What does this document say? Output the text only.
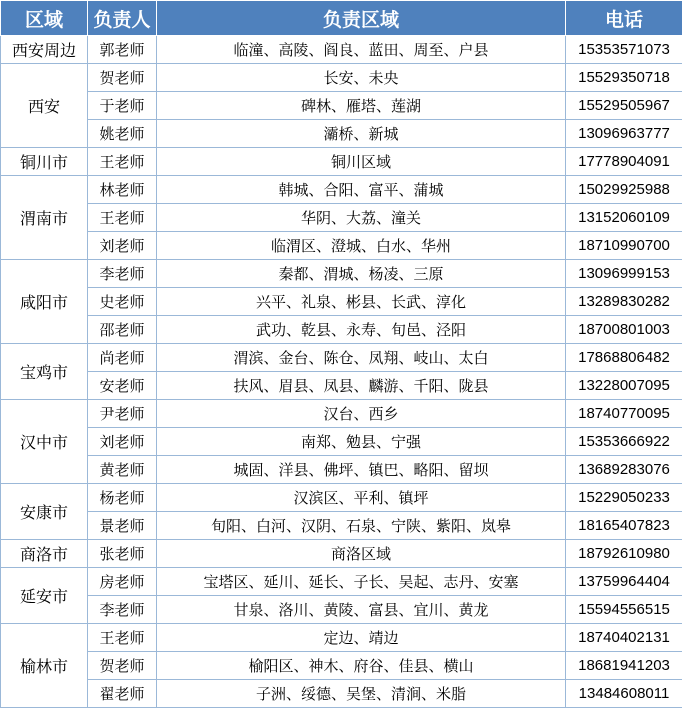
区域	负责人	负责区域	电话
西安周边	郭老师	临潼、高陵、阎良、蓝田、周至、户县	15353571073
西安	贺老师	长安、未央	15529350718
	于老师	碑林、雁塔、莲湖	15529505967
	姚老师	灞桥、新城	13096963777
铜川市	王老师	铜川区域	17778904091
渭南市	林老师	韩城、合阳、富平、蒲城	15029925988
	王老师	华阴、大荔、潼关	13152060109
	刘老师	临渭区、澄城、白水、华州	18710990700
咸阳市	李老师	秦都、渭城、杨凌、三原	13096999153
	史老师	兴平、礼泉、彬县、长武、淳化	13289830282
	邵老师	武功、乾县、永寿、旬邑、泾阳	18700801003
宝鸡市	尚老师	渭滨、金台、陈仓、凤翔、岐山、太白	17868806482
	安老师	扶风、眉县、凤县、麟游、千阳、陇县	13228007095
汉中市	尹老师	汉台、西乡	18740770095
	刘老师	南郑、勉县、宁强	15353666922
	黄老师	城固、洋县、佛坪、镇巴、略阳、留坝	13689283076
安康市	杨老师	汉滨区、平利、镇坪	15229050233
	景老师	旬阳、白河、汉阴、石泉、宁陕、紫阳、岚皋	18165407823
商洛市	张老师	商洛区域	18792610980
延安市	房老师	宝塔区、延川、延长、子长、吴起、志丹、安塞	13759964404
	李老师	甘泉、洛川、黄陵、富县、宜川、黄龙	15594556515
榆林市	王老师	定边、靖边	18740402131
	贺老师	榆阳区、神木、府谷、佳县、横山	18681941203
	翟老师	子洲、绥德、吴堡、清涧、米脂	13484608011
